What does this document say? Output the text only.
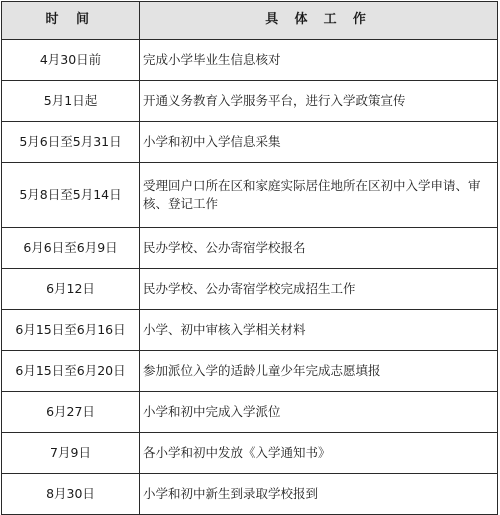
时 间	具 体 工 作
4月30日前	完成小学毕业生信息核对
5月1日起	开通义务教育入学服务平台，进行入学政策宣传
5月6日至5月31日	小学和初中入学信息采集
5月8日至5月14日	受理回户口所在区和家庭实际居住地所在区初中入学申请、审核、登记工作
6月6日至6月9日	民办学校、公办寄宿学校报名
6月12日	民办学校、公办寄宿学校完成招生工作
6月15日至6月16日	小学、初中审核入学相关材料
6月15日至6月20日	参加派位入学的适龄儿童少年完成志愿填报
6月27日	小学和初中完成入学派位
7月9日	各小学和初中发放《入学通知书》
8月30日	小学和初中新生到录取学校报到
